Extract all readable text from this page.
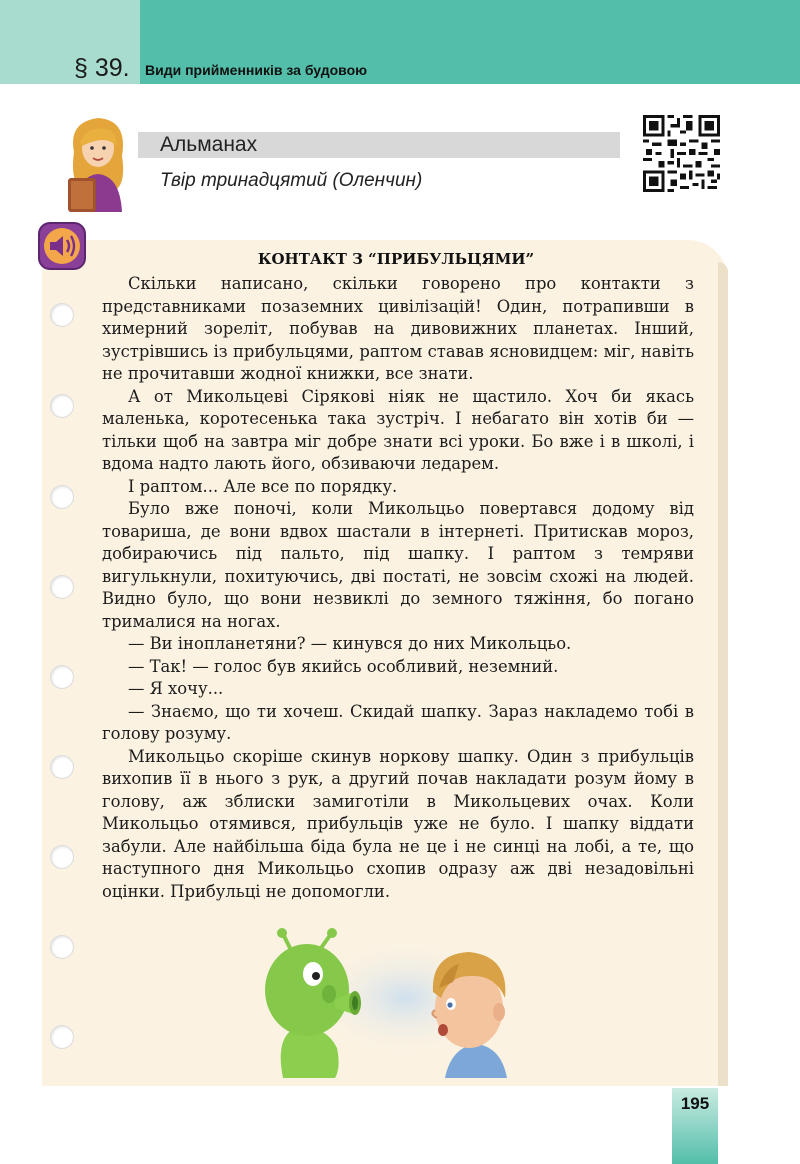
§ 39. Види прийменників за будовою
Альманах
Твір тринадцятий (Оленчин)
КОНТАКТ З “ПРИБУЛЬЦЯМИ”

Скільки написано, скільки говорено про контакти з представниками позаземних цивілізацій! Один, потрапивши в химерний зореліт, побував на дивовижних планетах. Інший, зустрівшись із прибульцями, раптом ставав ясновидцем: міг, навіть не прочитавши жодної книжки, все знати.

А от Микольцеві Сірякові ніяк не щастило. Хоч би якась маленька, коротесенька така зустріч. І небагато він хотів би — тільки щоб на завтра міг добре знати всі уроки. Бо вже і в школі, і вдома надто лають його, обзиваючи ледарем.

І раптом... Але все по порядку.

Було вже поночі, коли Микольцьо повертався додому від товариша, де вони вдвох шастали в інтернеті. Притискав мороз, добираючись під пальто, під шапку. І раптом з темряви вигулькнули, похитуючись, дві постаті, не зовсім схожі на людей. Видно було, що вони незвиклі до земного тяжіння, бо погано трималися на ногах.

— Ви інопланетяни? — кинувся до них Микольцьо.

— Так! — голос був якийсь особливий, неземний.

— Я хочу...

— Знаємо, що ти хочеш. Скидай шапку. Зараз накладемо тобі в голову розуму.

Микольцьо скоріше скинув норкову шапку. Один з прибульців вихопив її в нього з рук, а другий почав накладати розум йому в голову, аж зблиски замиготіли в Микольцевих очах. Коли Микольцьо отямився, прибульців уже не було. І шапку віддати забули. Але найбільша біда була не це і не синці на лобі, а те, що наступного дня Микольцьо схопив одразу аж дві незадовільні оцінки. Прибульці не допомогли.

195
